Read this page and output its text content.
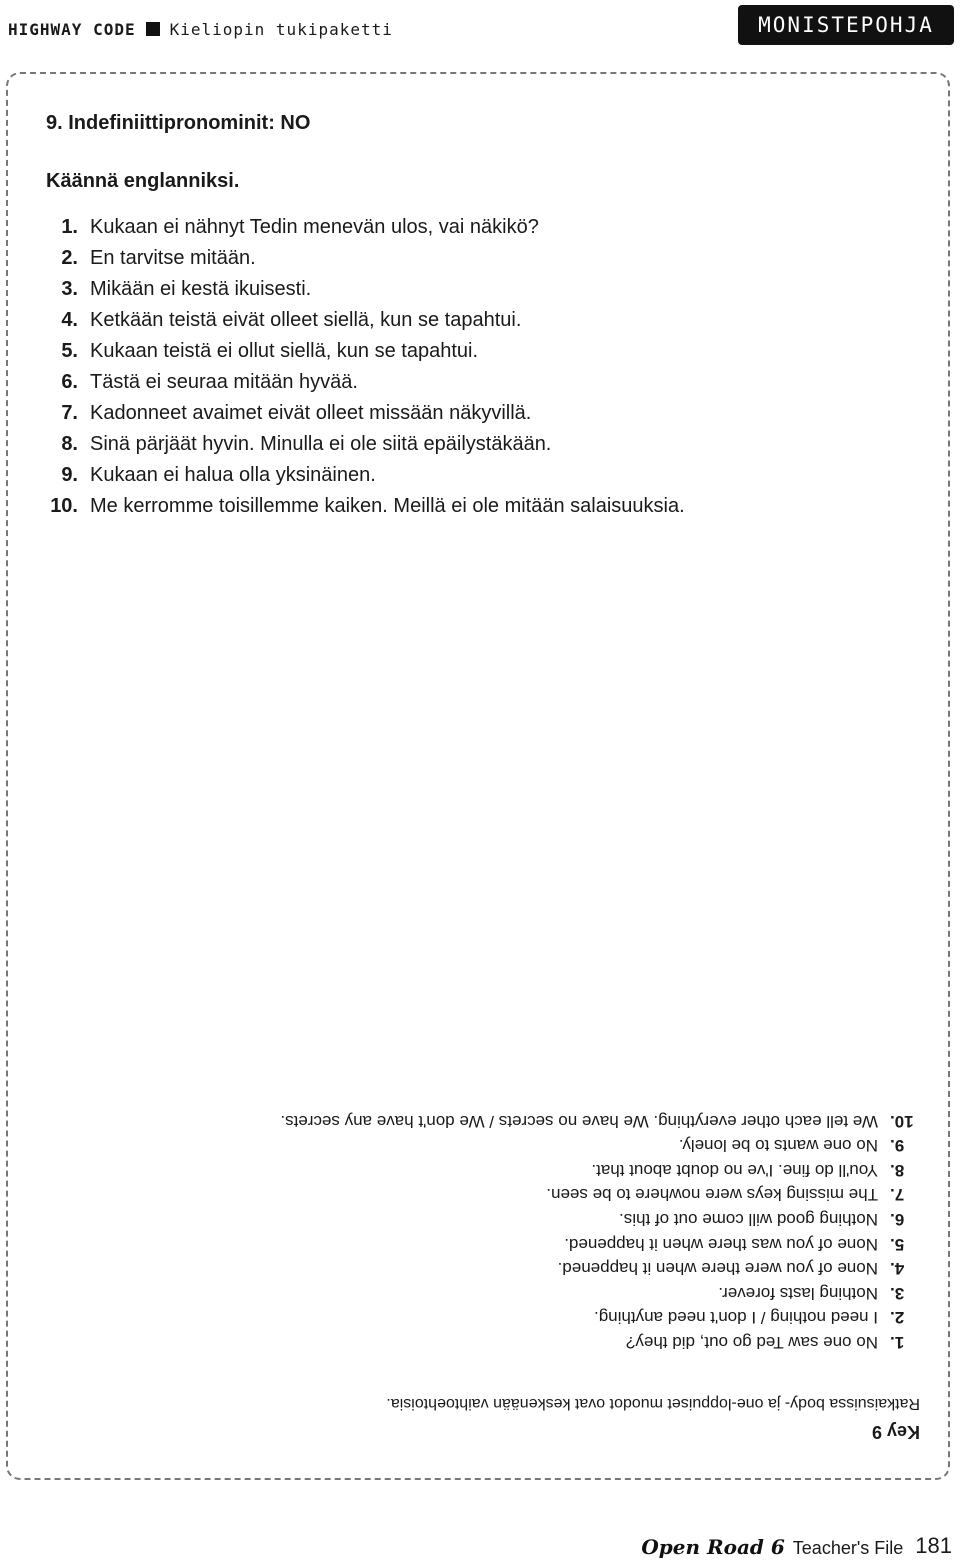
HIGHWAY CODE Kieliopin tukipaketti	MONISTEPOHJA
9. Indefiniittipronominit: NO
Käännä englanniksi.
1. Kukaan ei nähnyt Tedin menevän ulos, vai näkikö?
2. En tarvitse mitään.
3. Mikään ei kestä ikuisesti.
4. Ketkään teistä eivät olleet siellä, kun se tapahtui.
5. Kukaan teistä ei ollut siellä, kun se tapahtui.
6. Tästä ei seuraa mitään hyvää.
7. Kadonneet avaimet eivät olleet missään näkyvillä.
8. Sinä pärjäät hyvin. Minulla ei ole siitä epäilystäkään.
9. Kukaan ei halua olla yksinäinen.
10. Me kerromme toisillemme kaiken. Meillä ei ole mitään salaisuuksia.
Key 9
Ratkaisuissa body- ja one-loppuiset muodot ovat keskenään vaihtoehtoisia.
1.
No one saw Ted go out, did they?
2.
I need nothing / I don't need anything.
3.
Nothing lasts forever.
4.
None of you were there when it happened.
5.
None of you was there when it happened.
6.
Nothing good will come out of this.
7.
The missing keys were nowhere to be seen.
8.
You'll do fine. I've no doubt about that.
9.
No one wants to be lonely.
10.
We tell each other everything. We have no secrets / We don't have any secrets.
Open Road 6 Teacher's File 181
